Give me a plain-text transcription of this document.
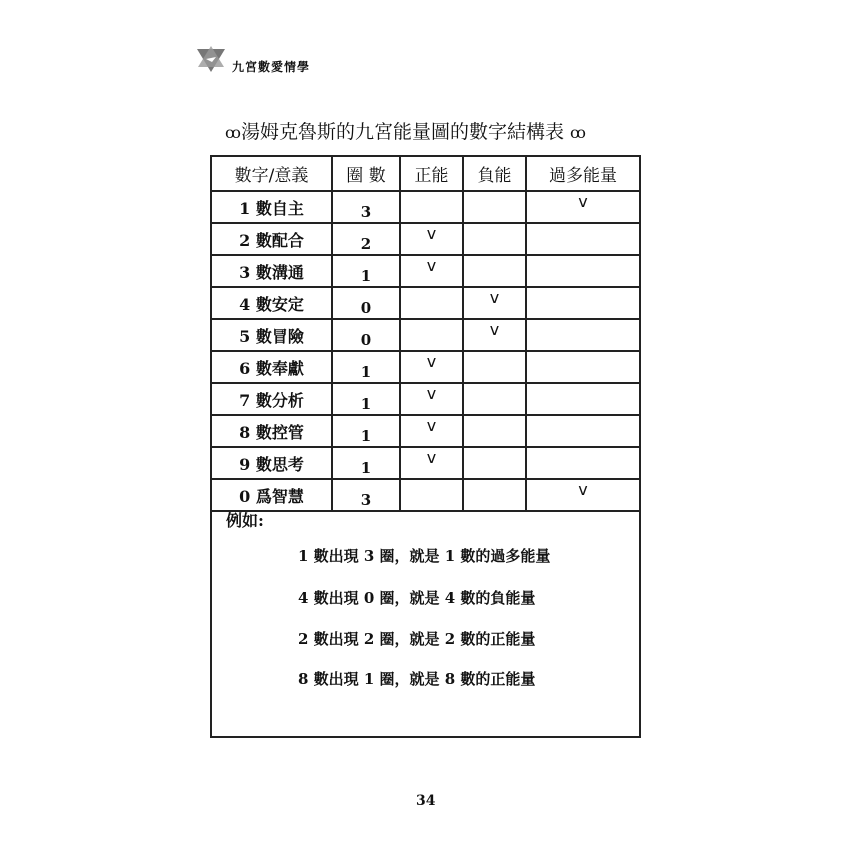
九宮數愛情學
ꝏ湯姆克魯斯的九宮能量圖的數字結構表 ꝏ
數字/意義	圈 數	正能	負能	過多能量
1 數自主	3			v
2 數配合	2	v		
3 數溝通	1	v		
4 數安定	0		v	
5 數冒險	0		v	
6 數奉獻	1	v		
7 數分析	1	v		
8 數控管	1	v		
9 數思考	1	v		
0 爲智慧	3			v
例如:
1 數出現 3 圈，就是 1 數的過多能量
4 數出現 0 圈，就是 4 數的負能量
2 數出現 2 圈，就是 2 數的正能量
8 數出現 1 圈，就是 8 數的正能量
34
